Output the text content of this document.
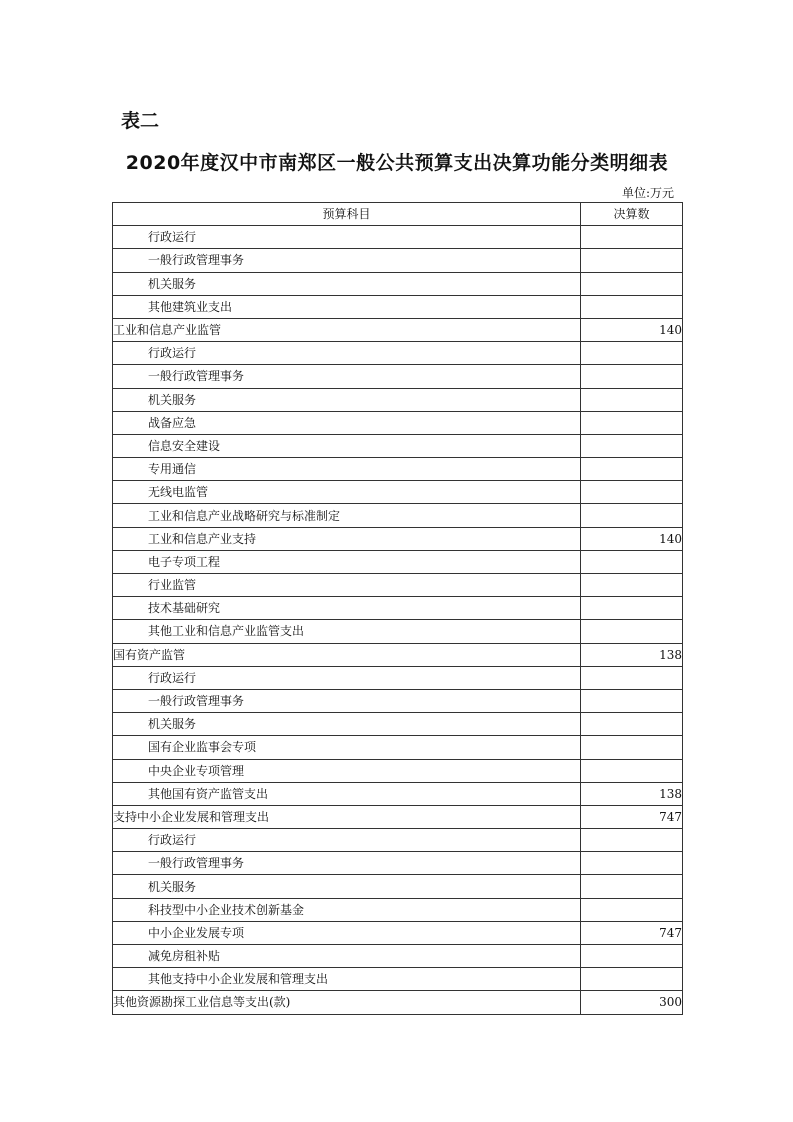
表二
2020年度汉中市南郑区一般公共预算支出决算功能分类明细表
单位:万元
预算科目	决算数
行政运行	
一般行政管理事务	
机关服务	
其他建筑业支出	
工业和信息产业监管	140
行政运行	
一般行政管理事务	
机关服务	
战备应急	
信息安全建设	
专用通信	
无线电监管	
工业和信息产业战略研究与标准制定	
工业和信息产业支持	140
电子专项工程	
行业监管	
技术基础研究	
其他工业和信息产业监管支出	
国有资产监管	138
行政运行	
一般行政管理事务	
机关服务	
国有企业监事会专项	
中央企业专项管理	
其他国有资产监管支出	138
支持中小企业发展和管理支出	747
行政运行	
一般行政管理事务	
机关服务	
科技型中小企业技术创新基金	
中小企业发展专项	747
减免房租补贴	
其他支持中小企业发展和管理支出	
其他资源勘探工业信息等支出(款)	300
